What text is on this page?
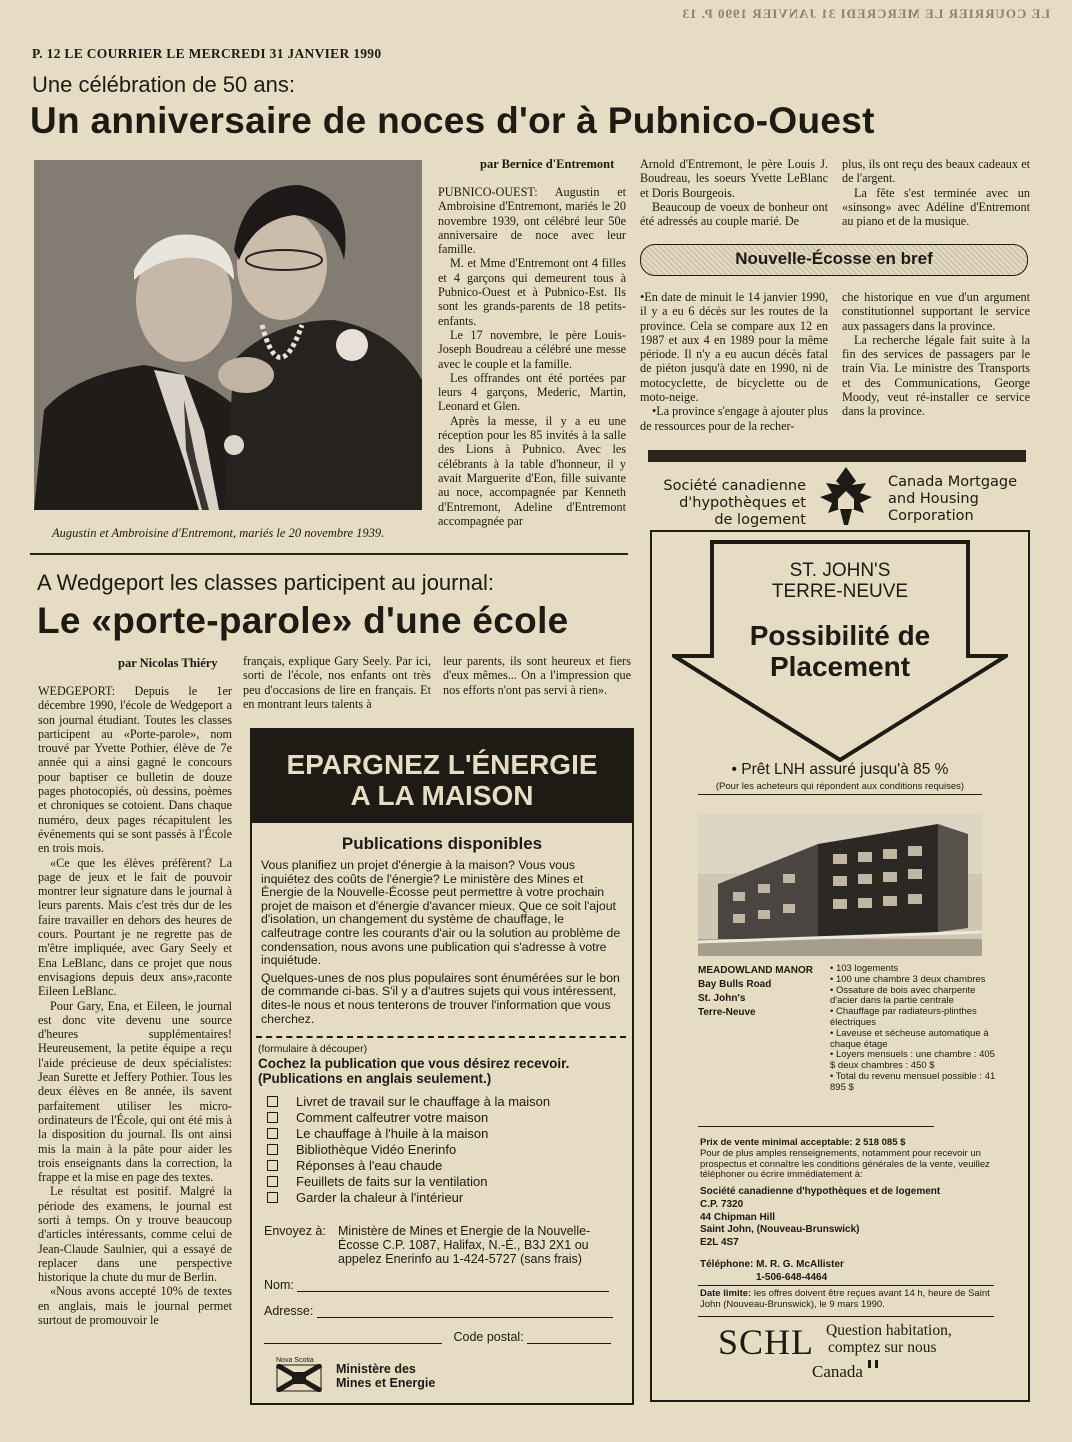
LE COURRIER LE MERCREDI 31 JANVIER 1990 P. 13
P. 12 LE COURRIER LE MERCREDI 31 JANVIER 1990
Une célébration de 50 ans:
Un anniversaire de noces d'or à Pubnico-Ouest
Augustin et Ambroisine d'Entremont, mariés le 20 novembre 1939.
par Bernice d'Entremont

PUBNICO-OUEST: Augustin et Ambroisine d'Entremont, mariés le 20 novembre 1939, ont célébré leur 50e anniversaire de noce avec leur famille.

M. et Mme d'Entremont ont 4 filles et 4 garçons qui demeurent tous à Pubnico-Ouest et à Pubnico-Est. Ils sont les grands-parents de 18 petits-enfants.

Le 17 novembre, le père Louis-Joseph Boudreau a célébré une messe avec le couple et la famille.

Les offrandes ont été portées par leurs 4 garçons, Mederic, Martin, Leonard et Glen.

Après la messe, il y a eu une réception pour les 85 invités à la salle des Lions à Pubnico. Avec les célébrants à la table d'honneur, il y avait Marguerite d'Eon, fille suivante au noce, accompagnée par Kenneth d'Entremont, Adeline d'Entremont accompagnée par

Arnold d'Entremont, le père Louis J. Boudreau, les soeurs Yvette LeBlanc et Doris Bourgeois.

Beaucoup de voeux de bonheur ont été adressés au couple marié. De

plus, ils ont reçu des beaux cadeaux et de l'argent.

La fête s'est terminée avec un «sinsong» avec Adéline d'Entremont au piano et de la musique.

Nouvelle-Écosse en bref

•En date de minuit le 14 janvier 1990, il y a eu 6 décès sur les routes de la province. Cela se compare aux 12 en 1987 et aux 4 en 1989 pour la même période. Il n'y a eu aucun décès fatal de piéton jusqu'à date en 1990, ni de motocyclette, de bicyclette ou de moto-neige.

•La province s'engage à ajouter plus de ressources pour de la recher-

che historique en vue d'un argument constitutionnel supportant le service aux passagers dans la province.

La recherche légale fait suite à la fin des services de passagers par le train Via. Le ministre des Transports et des Communications, George Moody, veut ré-installer ce service dans la province.

A Wedgeport les classes participent au journal:
Le «porte-parole» d'une école
par Nicolas Thiéry

WEDGEPORT: Depuis le 1er décembre 1990, l'école de Wedgeport a son journal étudiant. Toutes les classes participent au «Porte-parole», nom trouvé par Yvette Pothier, élève de 7e année qui a ainsi gagné le concours pour baptiser ce bulletin de douze pages photocopiés, où dessins, poèmes et chroniques se cotoient. Dans chaque numéro, deux pages récapitulent les événements qui se sont passés à l'École en trois mois.

«Ce que les élèves préfèrent? La page de jeux et le fait de pouvoir montrer leur signature dans le journal à leurs parents. Mais c'est très dur de les faire travailler en dehors des heures de cours. Pourtant je ne regrette pas de m'être impliquée, avec Gary Seely et Ena LeBlanc, dans ce projet que nous envisagions depuis deux ans»,raconte Eileen LeBlanc.

Pour Gary, Ena, et Eileen, le journal est donc vite devenu une source d'heures supplémentaires! Heureusement, la petite équipe a reçu l'aide précieuse de deux spécialistes: Jean Surette et Jeffery Pothier. Tous les deux élèves en 8e année, ils savent parfaitement utiliser les micro-ordinateurs de l'École, qui ont été mis à la disposition du journal. Ils ont ainsi mis la main à la pâte pour aider les trois enseignants dans la correction, la frappe et la mise en page des textes.

Le résultat est positif. Malgré la période des examens, le journal est sorti à temps. On y trouve beaucoup d'articles intéressants, comme celui de Jean-Claude Saulnier, qui a essayé de replacer dans une perspective historique la chute du mur de Berlin.

«Nous avons accepté 10% de textes en anglais, mais le journal permet surtout de promouvoir le

français, explique Gary Seely. Par ici, sorti de l'école, nos enfants ont très peu d'occasions de lire en français. Et en montrant leurs talents à

leur parents, ils sont heureux et fiers d'eux mêmes... On a l'impression que nos efforts n'ont pas servi à rien».

EPARGNEZ L'ÉNERGIE
A LA MAISON
Publications disponibles
Vous planifiez un projet d'énergie à la maison? Vous vous inquiétez des coûts de l'énergie? Le ministère des Mines et Énergie de la Nouvelle-Écosse peut permettre à votre prochain projet de maison et d'énergie d'avancer mieux. Que ce soit l'ajout d'isolation, un changement du système de chauffage, le calfeutrage contre les courants d'air ou la solution au problème de condensation, nous avons une publication qui s'adresse à votre inquiétude.
Quelques-unes de nos plus populaires sont énumérées sur le bon de commande ci-bas. S'il y a d'autres sujets qui vous intéressent, dites-le nous et nous tenterons de trouver l'information que vous cherchez.
(formulaire à découper)
Cochez la publication que vous désirez recevoir.
(Publications en anglais seulement.)
Livret de travail sur le chauffage à la maison
Comment calfeutrer votre maison
Le chauffage à l'huile à la maison
Bibliothèque Vidéo Enerinfo
Réponses à l'eau chaude
Feuillets de faits sur la ventilation
Garder la chaleur à l'intérieur
Envoyez à: Ministère de Mines et Energie de la Nouvelle-Écosse C.P. 1087, Halifax, N.-É., B3J 2X1 ou appelez Enerinfo au 1-424-5727 (sans frais)
Nom:
Adresse:
Code postal:
Nova Scotia
Ministère des
Mines et Energie
Société canadienne
d'hypothèques et
de logement
Canada Mortgage
and Housing
Corporation
ST. JOHN'S
TERRE-NEUVE
Possibilité de
Placement
• Prêt LNH assuré jusqu'à 85 %
(Pour les acheteurs qui répondent aux conditions requises)
MEADOWLAND MANOR
Bay Bulls Road
St. John's
Terre-Neuve
• 103 logements
• 100 une chambre 3 deux chambres
• Ossature de bois avec charpente d'acier dans la partie centrale
• Chauffage par radiateurs-plinthes électriques
• Laveuse et sécheuse automatique à chaque étage
• Loyers mensuels : une chambre : 405 $ deux chambres : 450 $
• Total du revenu mensuel possible : 41 895 $
Prix de vente minimal acceptable: 2 518 085 $
Pour de plus amples renseignements, notamment pour recevoir un prospectus et connaître les conditions générales de la vente, veuillez téléphoner ou écrire immédiatement à:
Société canadienne d'hypothèques et de logement
C.P. 7320
44 Chipman Hill
Saint John, (Nouveau-Brunswick)
E2L 4S7
Téléphone: M. R. G. McAllister
1-506-648-4464
Date limite: les offres doivent être reçues avant 14 h, heure de Saint John (Nouveau-Brunswick), le 9 mars 1990.
SCHL Question habitation,
comptez sur nous
Canada
